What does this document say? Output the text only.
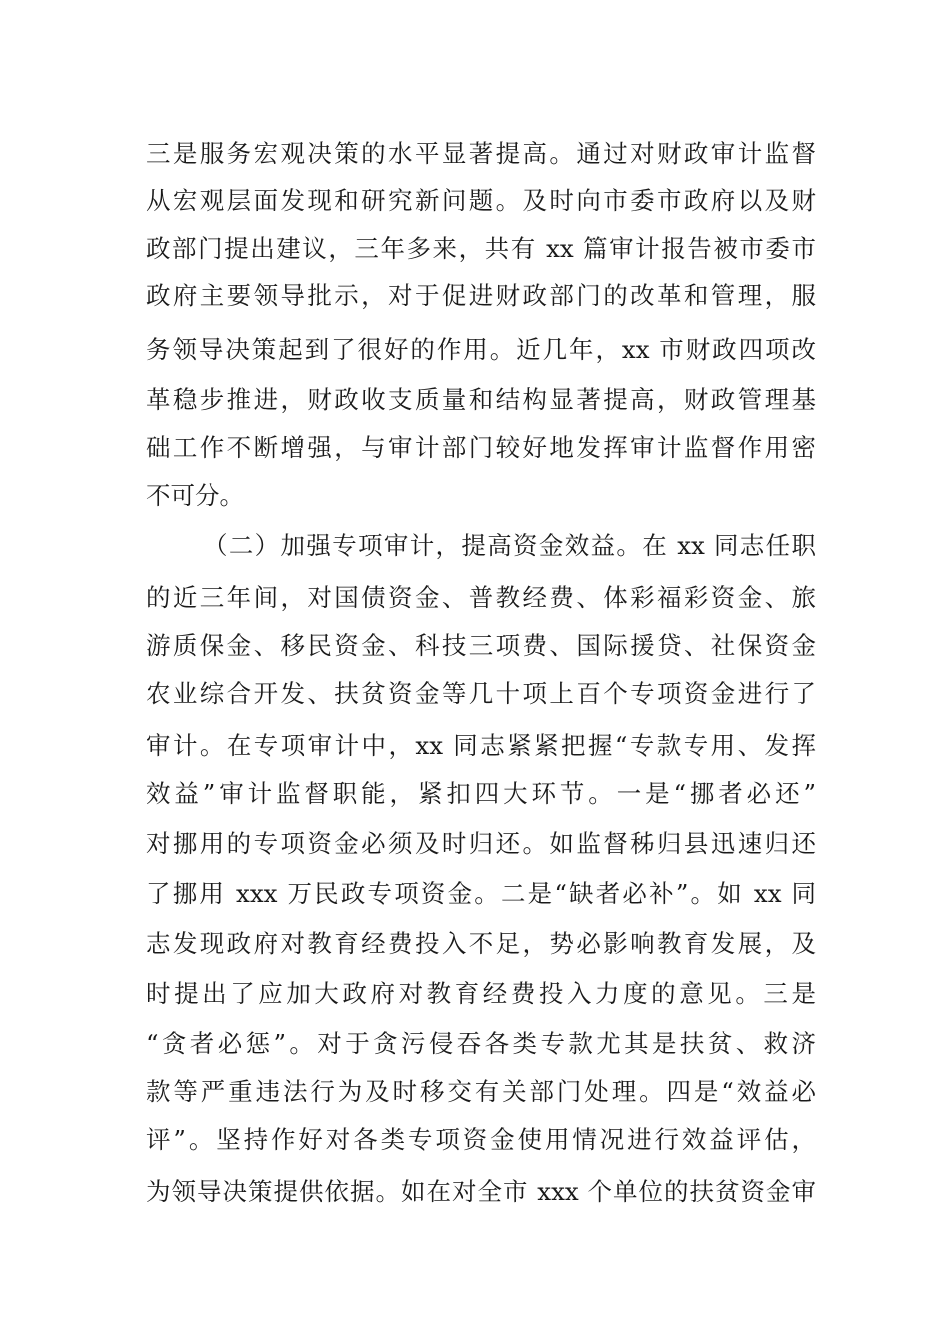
三是服务宏观决策的水平显著提高。通过对财政审计监督
从宏观层面发现和研究新问题。及时向市委市政府以及财
政部门提出建议，三年多来，共有 xx 篇审计报告被市委市
政府主要领导批示，对于促进财政部门的改革和管理，服
务领导决策起到了很好的作用。近几年，xx 市财政四项改
革稳步推进，财政收支质量和结构显著提高，财政管理基
础工作不断增强，与审计部门较好地发挥审计监督作用密
不可分。
（二）加强专项审计，提高资金效益。在 xx 同志任职
的近三年间，对国债资金、普教经费、体彩福彩资金、旅
游质保金、移民资金、科技三项费、国际援贷、社保资金
农业综合开发、扶贫资金等几十项上百个专项资金进行了
审计。在专项审计中，xx 同志紧紧把握“专款专用、发挥
效益”审计监督职能，紧扣四大环节。一是“挪者必还”
对挪用的专项资金必须及时归还。如监督秭归县迅速归还
了挪用 xxx 万民政专项资金。二是“缺者必补”。如 xx 同
志发现政府对教育经费投入不足，势必影响教育发展，及
时提出了应加大政府对教育经费投入力度的意见。三是
“贪者必惩”。对于贪污侵吞各类专款尤其是扶贫、救济
款等严重违法行为及时移交有关部门处理。四是“效益必
评”。坚持作好对各类专项资金使用情况进行效益评估，
为领导决策提供依据。如在对全市 xxx 个单位的扶贫资金审
